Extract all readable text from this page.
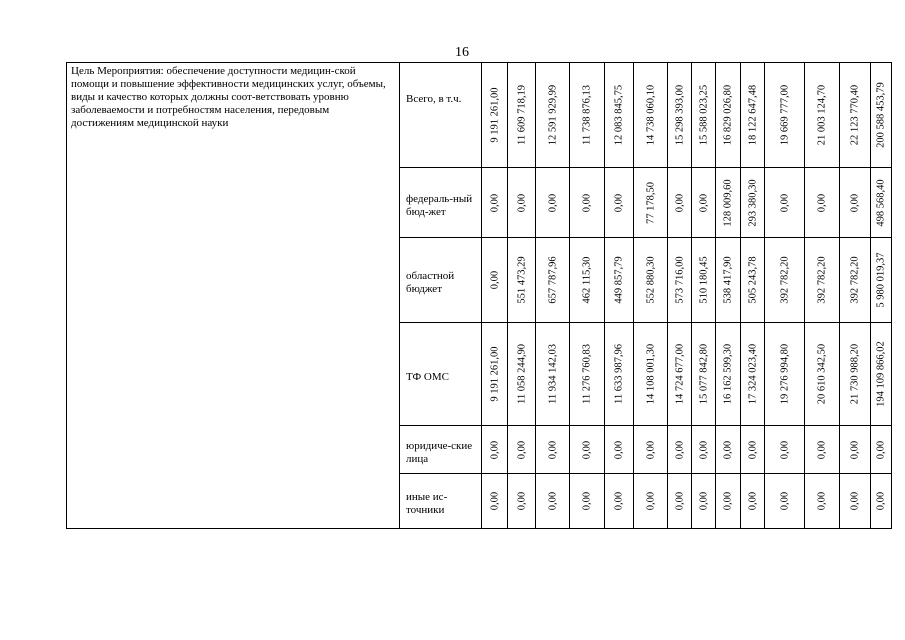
16
Цель Мероприятия: обеспечение доступности медицин-ской помощи и повышение эффективности медицинских услуг, объемы, виды и качество которых должны соот-ветствовать уровню заболеваемости и потребностям населения, передовым достижениям медицинской науки	Всего, в т.ч.	9 191 261,00	11 609 718,19	12 591 929,99	11 738 876,13	12 083 845,75	14 738 060,10	15 298 393,00	15 588 023,25	16 829 026,80	18 122 647,48	19 669 777,00	21 003 124,70	22 123 770,40	200 588 453,79

	федераль-ный бюд-жет	0,00	0,00	0,00	0,00	0,00	77 178,50	0,00	0,00	128 009,60	293 380,30	0,00	0,00	0,00	498 568,40

	областной бюджет	0,00	551 473,29	657 787,96	462 115,30	449 857,79	552 880,30	573 716,00	510 180,45	538 417,90	505 243,78	392 782,20	392 782,20	392 782,20	5 980 019,37

	ТФ ОМС	9 191 261,00	11 058 244,90	11 934 142,03	11 276 760,83	11 633 987,96	14 108 001,30	14 724 677,00	15 077 842,80	16 162 599,30	17 324 023,40	19 276 994,80	20 610 342,50	21 730 988,20	194 109 866,02

	юридиче-ские лица	0,00	0,00	0,00	0,00	0,00	0,00	0,00	0,00	0,00	0,00	0,00	0,00	0,00	0,00

	иные ис-точники	0,00	0,00	0,00	0,00	0,00	0,00	0,00	0,00	0,00	0,00	0,00	0,00	0,00	0,00
